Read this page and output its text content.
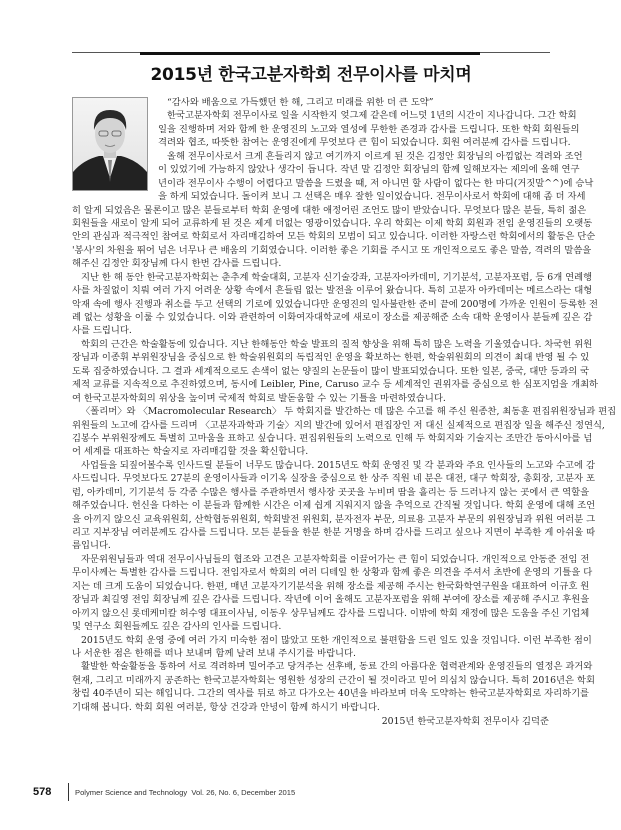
2015년 한국고분자학회 전무이사를 마치며
“감사와 배움으로 가득했던 한 해, 그리고 미래를 위한 더 큰 도약”
한국고분자학회 전무이사로 일을 시작한지 엊그제 같은데 어느덧 1년의 시간이 지나갑니다. 그간 학회
일을 진행하며 저와 함께 한 운영진의 노고와 열성에 무한한 존경과 감사를 드립니다. 또한 학회 회원들의
격려와 협조, 따뜻한 참여는 운영진에게 무엇보다 큰 힘이 되었습니다. 회원 여러분께 감사를 드립니다.
올해 전무이사로서 크게 흔들리지 않고 여기까지 이르게 된 것은 김정안 회장님의 아낌없는 격려와 조언
이 있었기에 가능하지 않았나 생각이 듭니다. 작년 말 김정안 회장님의 함께 일해보자는 제의에 올해 연구
년이라 전무이사 수행이 어렵다고 말씀을 드렸을 때, 저 아니면 할 사람이 없다는 한 마디(거짓말^^)에 승낙
을 하게 되었습니다. 돌이켜 보니 그 선택은 매우 잘한 일이었습니다. 전무이사로서 학회에 대해 좀 더 자세
히 알게 되었음은 물론이고 많은 분들로부터 학회 운영에 대한 애정어린 조언도 많이 받았습니다. 무엇보다 많은 분들, 특히 젊은
회원들을 새로이 알게 되어 교류하게 된 것은 제게 더없는 영광이었습니다. 우리 학회는 이제 학회 회원과 전임 운영진들의 오랫동
안의 관심과 적극적인 참여로 학회로서 자리매김하여 모든 학회의 모범이 되고 있습니다. 이러한 자랑스런 학회에서의 활동은 단순
'봉사'의 차원을 뛰어 넘은 너무나 큰 배움의 기회였습니다. 이러한 좋은 기회를 주시고 또 개인적으로도 좋은 말씀, 격려의 말씀을
해주신 김정안 회장님께 다시 한번 감사를 드립니다.
지난 한 해 동안 한국고분자학회는 춘추계 학술대회, 고분자 신기술강좌, 고분자아카데미, 기기분석, 고분자포럼, 등 6개 연례행
사를 차질없이 치뤄 여러 가지 어려운 상황 속에서 흔들림 없는 발전을 이루어 왔습니다. 특히 고분자 아카데미는 메르스라는 대형
악재 속에 행사 진행과 취소를 두고 선택의 기로에 있었습니다만 운영진의 일사불란한 준비 끝에 200명에 가까운 인원이 등록한 전
례 없는 성황을 이룰 수 있었습니다. 이와 관련하여 이화여자대학교에 새로이 장소를 제공해준 소속 대학 운영이사 분들께 깊은 감
사를 드립니다.
학회의 근간은 학술활동에 있습니다. 지난 한해동안 학술 발표의 질적 향상을 위해 특히 많은 노력을 기울였습니다. 차국헌 위원
장님과 이종휘 부위원장님을 중심으로 한 학술위원회의 독립적인 운영을 확보하는 한편, 학술위원회의 의견이 최대 반영 될 수 있
도록 집중하였습니다. 그 결과 세계적으로도 손색이 없는 양질의 논문들이 많이 발표되었습니다. 또한 일본, 중국, 대만 등과의 국
제적 교류를 지속적으로 추진하였으며, 동시에 Leibler, Pine, Caruso 교수 등 세계적인 권위자를 중심으로 한 심포지엄을 개최하
여 한국고분자학회의 위상을 높이며 국제적 학회로 발돋움할 수 있는 기틀을 마련하였습니다.
〈폴리머〉와 〈Macromolecular Research〉 두 학회지를 발간하는 데 많은 수고를 해 주신 원종찬, 최동훈 편집위원장님과 편집
위원들의 노고에 감사를 드리며 〈고분자과학과 기술〉지의 발간에 있어서 편집장인 저 대신 실제적으로 편집장 일을 해주신 정연식,
김봉수 부위원장께도 특별히 고마움을 표하고 싶습니다. 편집위원들의 노력으로 인해 두 학회지와 기술지는 조만간 동아시아를 넘
어 세계를 대표하는 학술지로 자리매김할 것을 확신합니다.
사업들을 되짚어볼수록 인사드릴 분들이 너무도 많습니다. 2015년도 학회 운영진 및 각 분과와 주요 인사들의 노고와 수고에 감
사드립니다. 무엇보다도 27분의 운영이사들과 이기옥 실장을 중심으로 한 상주 직원 네 분은 대전, 대구 학회장, 총회장, 고분자 포
럼, 아카데미, 기기분석 등 각종 수많은 행사를 주관하면서 행사장 곳곳을 누비며 땀을 흘리는 등 드러나지 않는 곳에서 큰 역할을
해주었습니다. 헌신을 다하는 이 분들과 함께한 시간은 이제 쉽게 지워지지 않을 추억으로 간직될 것입니다. 학회 운영에 대해 조언
을 아끼지 않으신 교육위원회, 산학협동위원회, 학회발전 위원회, 분자전자 부문, 의료용 고분자 부문의 위원장님과 위원 여러분 그
리고 지부장님 여러분께도 감사를 드립니다. 모든 분들을 한분 한분 거명을 하며 감사를 드리고 싶으나 지면이 부족한 게 아쉬울 따
름입니다.
자문위원님들과 역대 전무이사님들의 협조와 고견은 고분자학회를 이끌어가는 큰 힘이 되었습니다. 개인적으로 안동준 전임 전
무이사께는 특별한 감사를 드립니다. 전임자로서 학회의 여러 디테일 한 상황과 함께 좋은 의견을 주셔서 초반에 운영의 기틀을 다
지는 데 크게 도움이 되었습니다. 한편, 매년 고분자기기분석을 위해 장소를 제공해 주시는 한국화학연구원을 대표하여 이규호 원
장님과 최길영 전임 회장님께 깊은 감사를 드립니다. 작년에 이어 올해도 고분자포럼을 위해 부여에 장소를 제공해 주시고 후원을
아끼지 않으신 롯데케미칼 허수영 대표이사님, 이동우 상무님께도 감사를 드립니다. 이밖에 학회 재정에 많은 도움을 주신 기업체
및 연구소 회원들께도 깊은 감사의 인사를 드립니다.
2015년도 학회 운영 중에 여러 가지 미숙한 점이 많았고 또한 개인적으로 불편함을 드린 일도 있을 것입니다. 이런 부족한 점이
나 서운한 점은 한해를 떠나 보내며 함께 날려 보내 주시기를 바랍니다.
활발한 학술활동을 통하여 서로 격려하며 밀어주고 당겨주는 선후배, 동료 간의 아름다운 협력관계와 운영진들의 열정은 과거와
현재, 그리고 미래까지 공존하는 한국고분자학회는 영원한 성장의 근간이 될 것이라고 믿어 의심치 않습니다. 특히 2016년은 학회
창립 40주년이 되는 해입니다. 그간의 역사를 뒤로 하고 다가오는 40년을 바라보며 더욱 도약하는 한국고분자학회로 자리하기를
기대해 봅니다. 학회 회원 여러분, 항상 건강과 안녕이 함께 하시기 바랍니다.
2015년 한국고분자학회 전무이사 김덕준
578	Polymer Science and Technology  Vol. 26, No. 6, December 2015
